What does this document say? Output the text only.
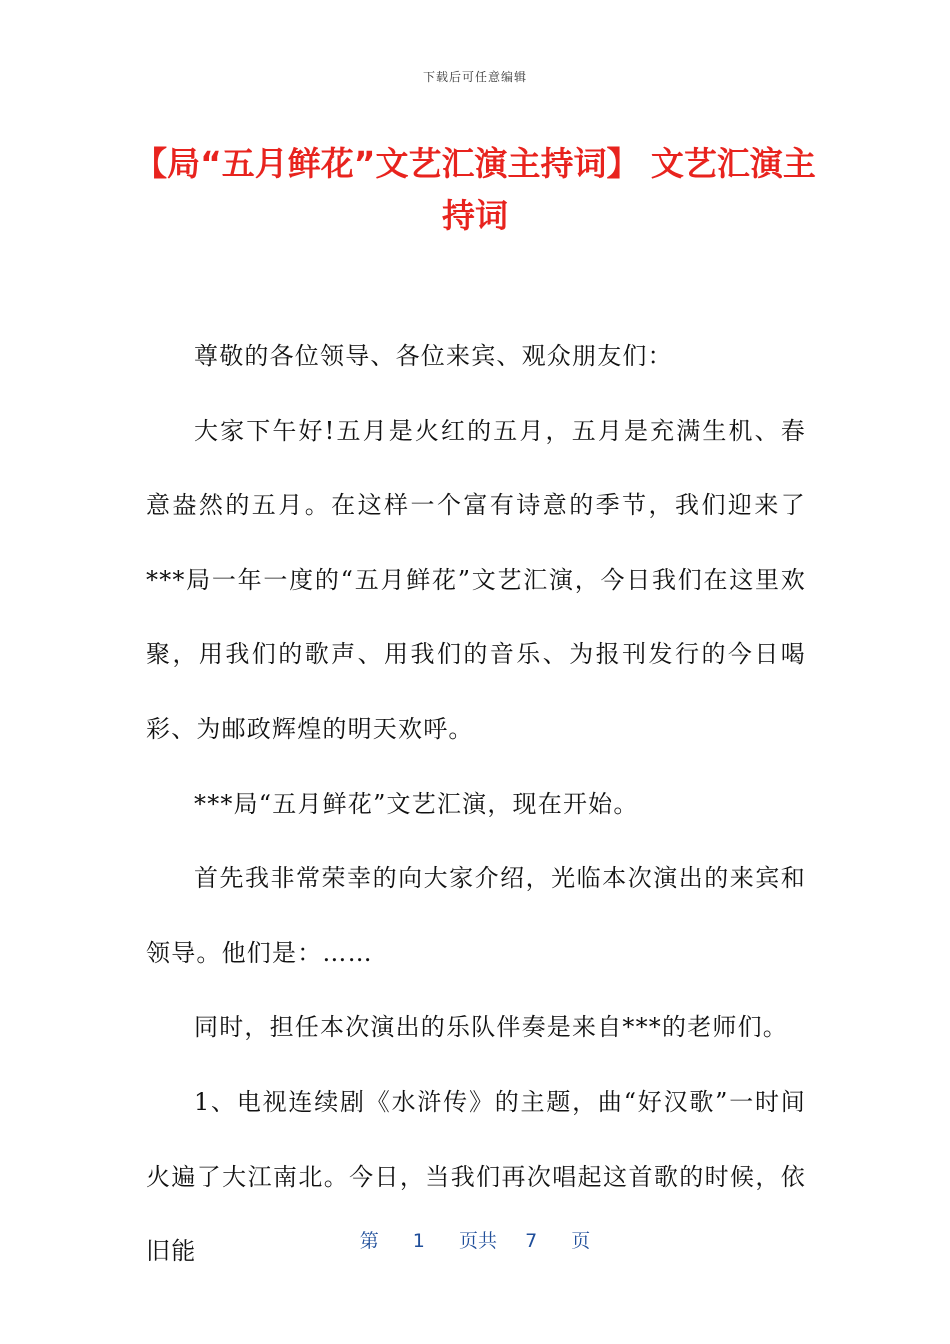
下载后可任意编辑
【局“五月鲜花”文艺汇演主持词】 文艺汇演主持词

尊敬的各位领导、各位来宾、观众朋友们：

大家下午好!五月是火红的五月，五月是充满生机、春意盎然的五月。在这样一个富有诗意的季节，我们迎来了***局一年一度的“五月鲜花”文艺汇演，今日我们在这里欢聚，用我们的歌声、用我们的音乐、为报刊发行的今日喝彩、为邮政辉煌的明天欢呼。

***局“五月鲜花”文艺汇演，现在开始。

首先我非常荣幸的向大家介绍，光临本次演出的来宾和领导。他们是：……

同时，担任本次演出的乐队伴奏是来自***的老师们。

1、电视连续剧《水浒传》的主题，曲“好汉歌”一时间火遍了大江南北。今日，当我们再次唱起这首歌的时候，依旧能	第 1 页共 7 页
